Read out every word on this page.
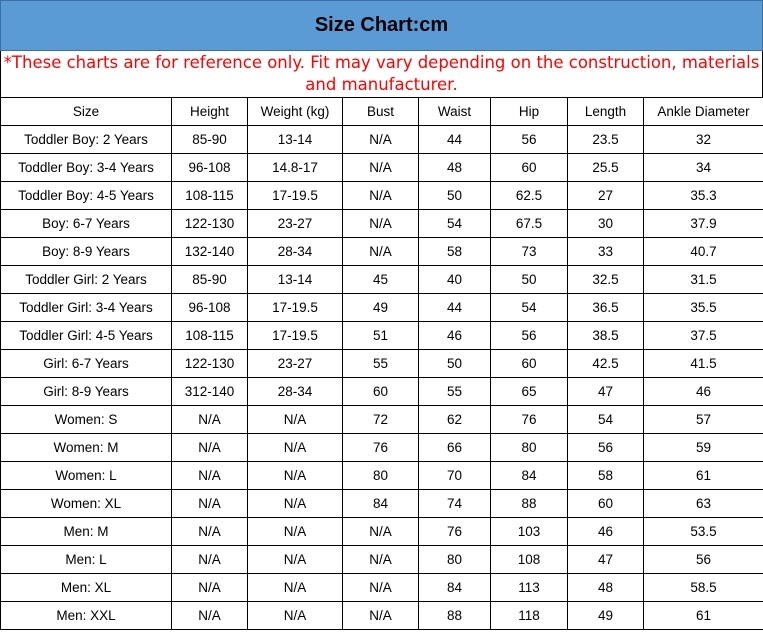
Size Chart:cm
*These charts are for reference only. Fit may vary depending on the construction, materials and manufacturer.
Size	Height	Weight (kg)	Bust	Waist	Hip	Length	Ankle Diameter
Toddler Boy: 2 Years	85-90	13-14	N/A	44	56	23.5	32
Toddler Boy: 3-4 Years	96-108	14.8-17	N/A	48	60	25.5	34
Toddler Boy: 4-5 Years	108-115	17-19.5	N/A	50	62.5	27	35.3
Boy: 6-7 Years	122-130	23-27	N/A	54	67.5	30	37.9
Boy: 8-9 Years	132-140	28-34	N/A	58	73	33	40.7
Toddler Girl: 2 Years	85-90	13-14	45	40	50	32.5	31.5
Toddler Girl: 3-4 Years	96-108	17-19.5	49	44	54	36.5	35.5
Toddler Girl: 4-5 Years	108-115	17-19.5	51	46	56	38.5	37.5
Girl: 6-7 Years	122-130	23-27	55	50	60	42.5	41.5
Girl: 8-9 Years	312-140	28-34	60	55	65	47	46
Women: S	N/A	N/A	72	62	76	54	57
Women: M	N/A	N/A	76	66	80	56	59
Women: L	N/A	N/A	80	70	84	58	61
Women: XL	N/A	N/A	84	74	88	60	63
Men: M	N/A	N/A	N/A	76	103	46	53.5
Men: L	N/A	N/A	N/A	80	108	47	56
Men: XL	N/A	N/A	N/A	84	113	48	58.5
Men: XXL	N/A	N/A	N/A	88	118	49	61
